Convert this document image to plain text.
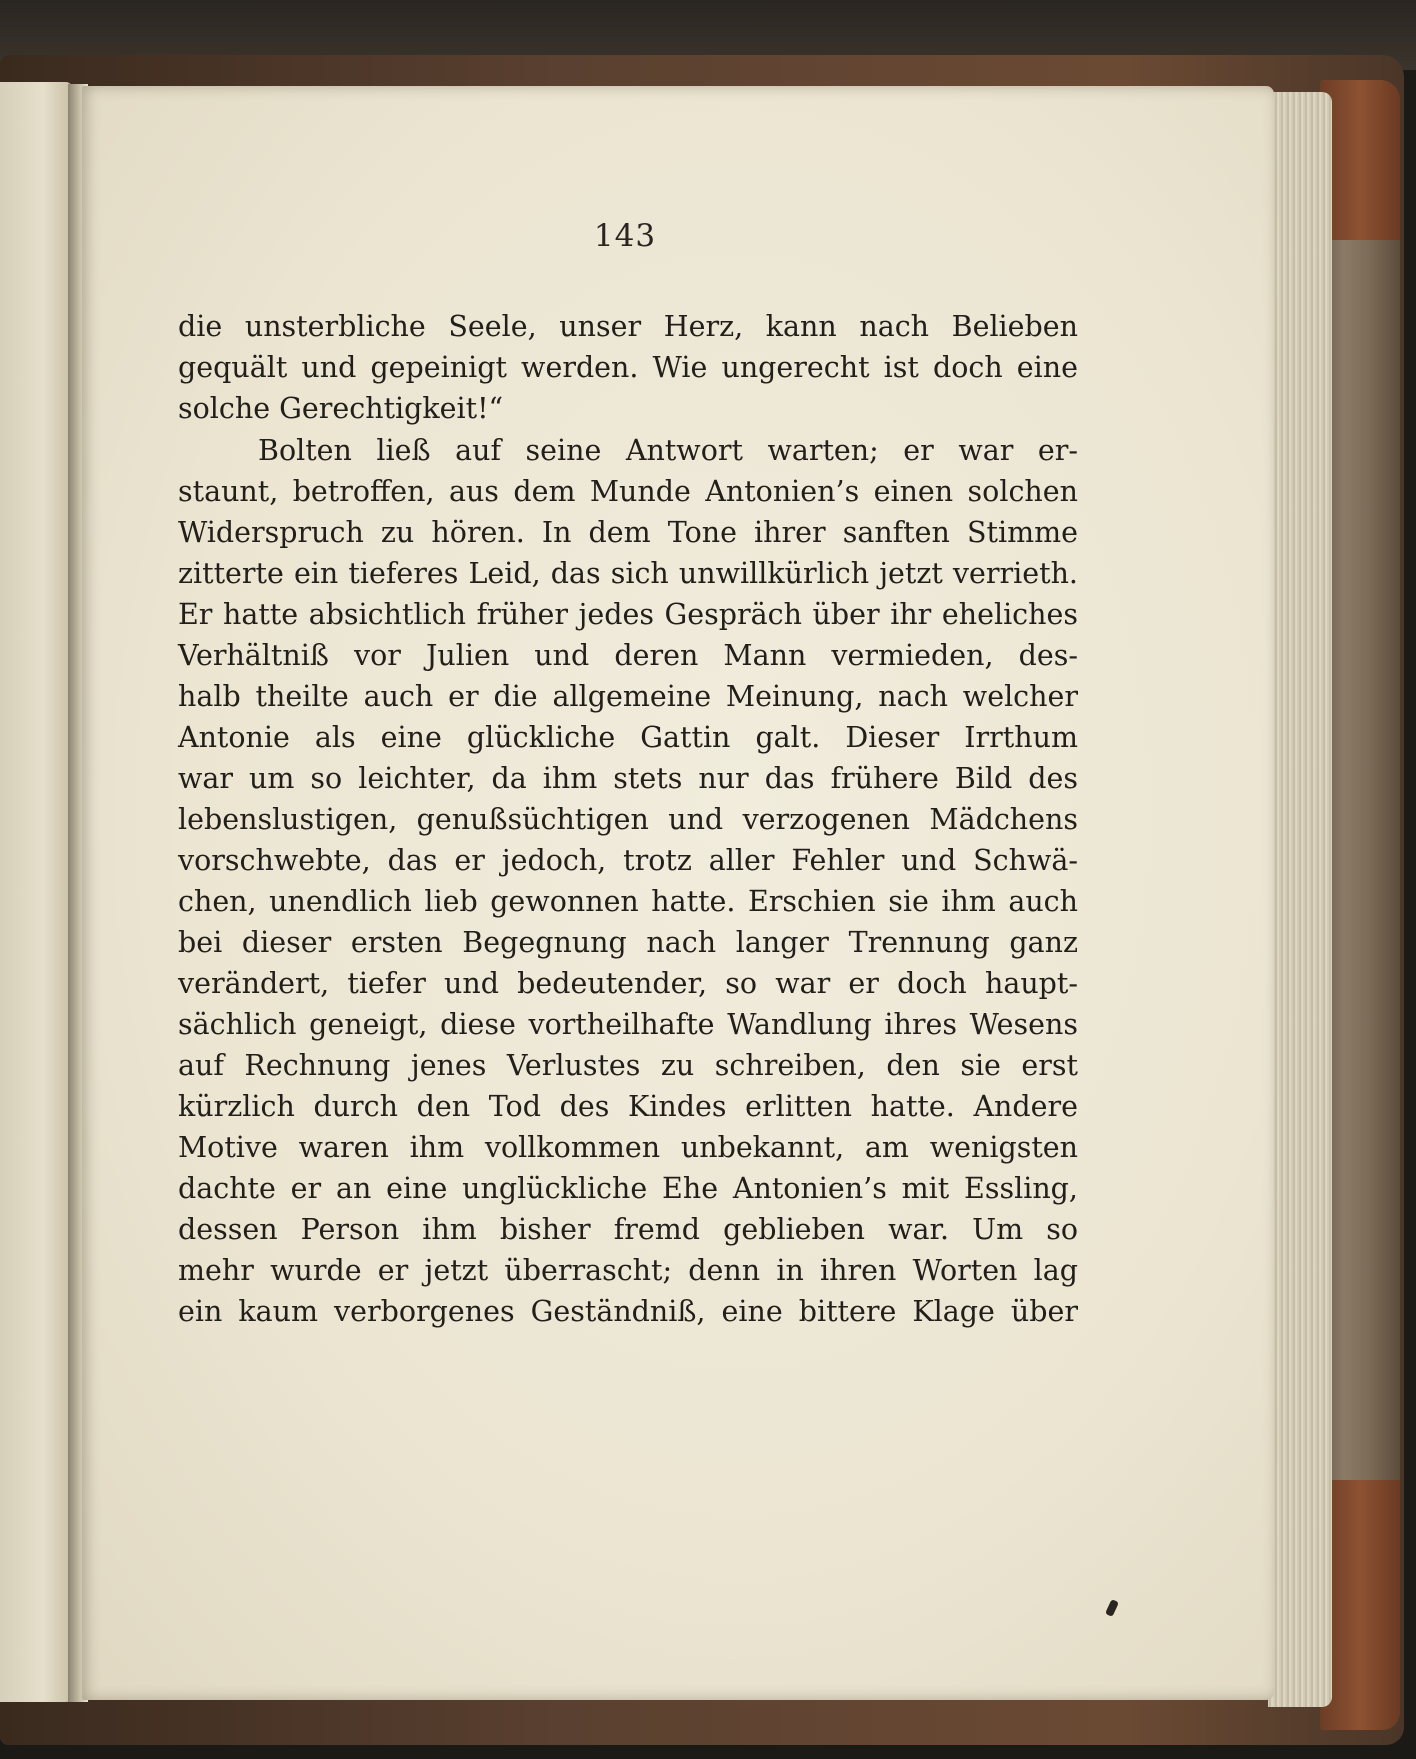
143
die unsterbliche Seele, unser Herz, kann nach Belieben
gequält und gepeinigt werden. Wie ungerecht ist doch eine
solche Gerechtigkeit!“
Bolten ließ auf seine Antwort warten; er war er-
staunt, betroffen, aus dem Munde Antonien’s einen solchen
Widerspruch zu hören. In dem Tone ihrer sanften Stimme
zitterte ein tieferes Leid, das sich unwillkürlich jetzt verrieth.
Er hatte absichtlich früher jedes Gespräch über ihr eheliches
Verhältniß vor Julien und deren Mann vermieden, des-
halb theilte auch er die allgemeine Meinung, nach welcher
Antonie als eine glückliche Gattin galt. Dieser Irrthum
war um so leichter, da ihm stets nur das frühere Bild des
lebenslustigen, genußsüchtigen und verzogenen Mädchens
vorschwebte, das er jedoch, trotz aller Fehler und Schwä-
chen, unendlich lieb gewonnen hatte. Erschien sie ihm auch
bei dieser ersten Begegnung nach langer Trennung ganz
verändert, tiefer und bedeutender, so war er doch haupt-
sächlich geneigt, diese vortheilhafte Wandlung ihres Wesens
auf Rechnung jenes Verlustes zu schreiben, den sie erst
kürzlich durch den Tod des Kindes erlitten hatte. Andere
Motive waren ihm vollkommen unbekannt, am wenigsten
dachte er an eine unglückliche Ehe Antonien’s mit Essling,
dessen Person ihm bisher fremd geblieben war. Um so
mehr wurde er jetzt überrascht; denn in ihren Worten lag
ein kaum verborgenes Geständniß, eine bittere Klage über
